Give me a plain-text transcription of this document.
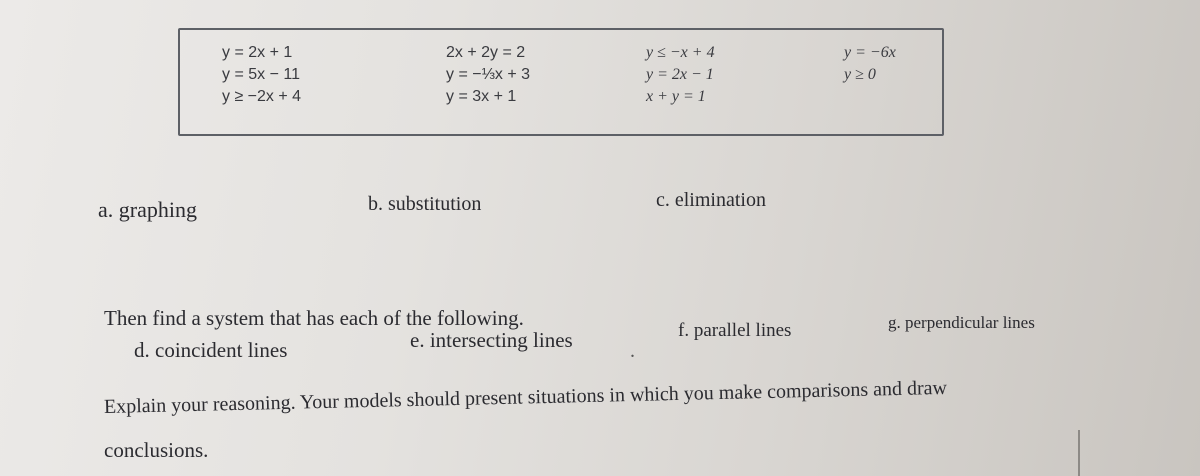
y = 2x + 1
y = 5x − 11
y ≥ −2x + 4
2x + 2y = 2
y = −⅓x + 3
y = 3x + 1
y ≤ −x + 4
y = 2x − 1
x + y = 1
y = −6x
y ≥ 0
a. graphing	b. substitution	c. elimination
Then find a system that has each of the following.
d. coincident lines	e. intersecting lines	.
f. parallel lines	g. perpendicular lines
Explain your reasoning. Your models should present situations in which you make comparisons and draw
conclusions.
